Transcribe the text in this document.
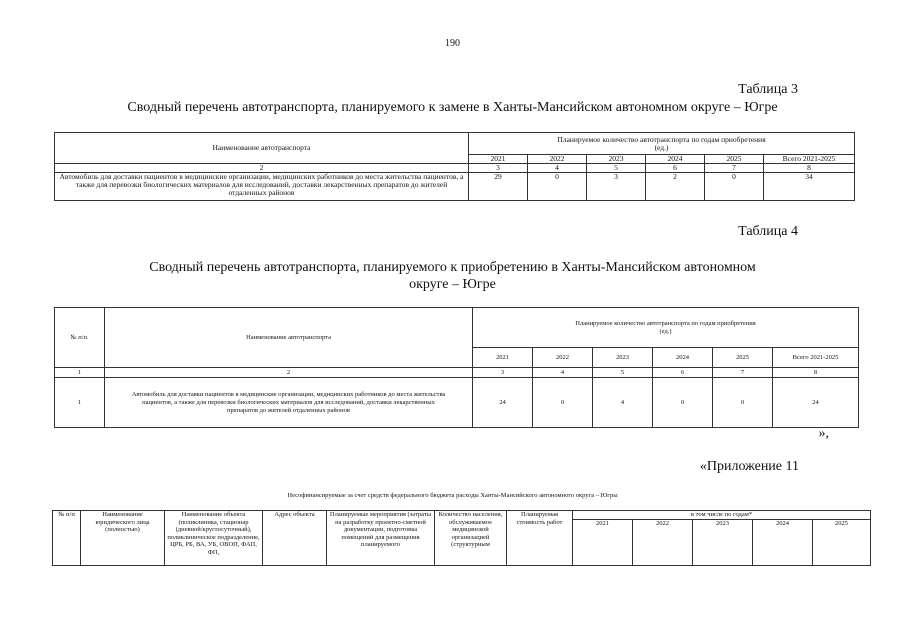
190
Таблица 3
Сводный перечень автотранспорта, планируемого к замене в Ханты-Мансийском автономном округе – Югре
Наименование автотранспорта	Планируемое количество автотранспорта по годам приобретения
(ед.)					
	2021	2022	2023	2024	2025	Всего 2021-2025
2	3	4	5	6	7	8
Автомобиль для доставки пациентов в медицинские организации, медицинских работников до места жительства пациентов, а также для перевозки биологических материалов для исследований, доставки лекарственных препаратов до жителей отдаленных районов	29	0	3	2	0	34
Таблица 4
Сводный перечень автотранспорта, планируемого к приобретению в Ханты-Мансийском автономном
округе – Югре
№ п/п.	Наименование автотранспорта	Планируемое количество автотранспорта по годам приобретения
(ед.)					
		2021	2022	2023	2024	2025	Всего 2021-2025
1	2	3	4	5	6	7	8
1	Автомобиль для доставки пациентов в медицинские организации, медицинских работников до места жительства пациентов, а также для перевозки биологических материалов для исследований, доставки лекарственных препаратов до жителей отдаленных районов	24	0	4	0	0	24
»,
«Приложение 11
Несофинансируемые за счет средств федерального бюджета расходы Ханты-Мансийского автономного округа – Югры
№ п/п	Наименование юридического лица (полностью)	Наименование объекта (поликлиника, стационар (дневной/круглосуточный), поликлиническое подразделение, ЦРБ, РБ, ВА, УБ, ОВОП, ФАП, ФП,	Адрес объекта	Планируемые мероприятия (затраты на разработку проектно-сметной документации, подготовка помещений для размещения планируемого	Количество населения, обслуживаемое медицинской организацией (структурным	Планируемая стоимость работ	в том числе по годам*				
							2021	2022	2023	2024	2025
